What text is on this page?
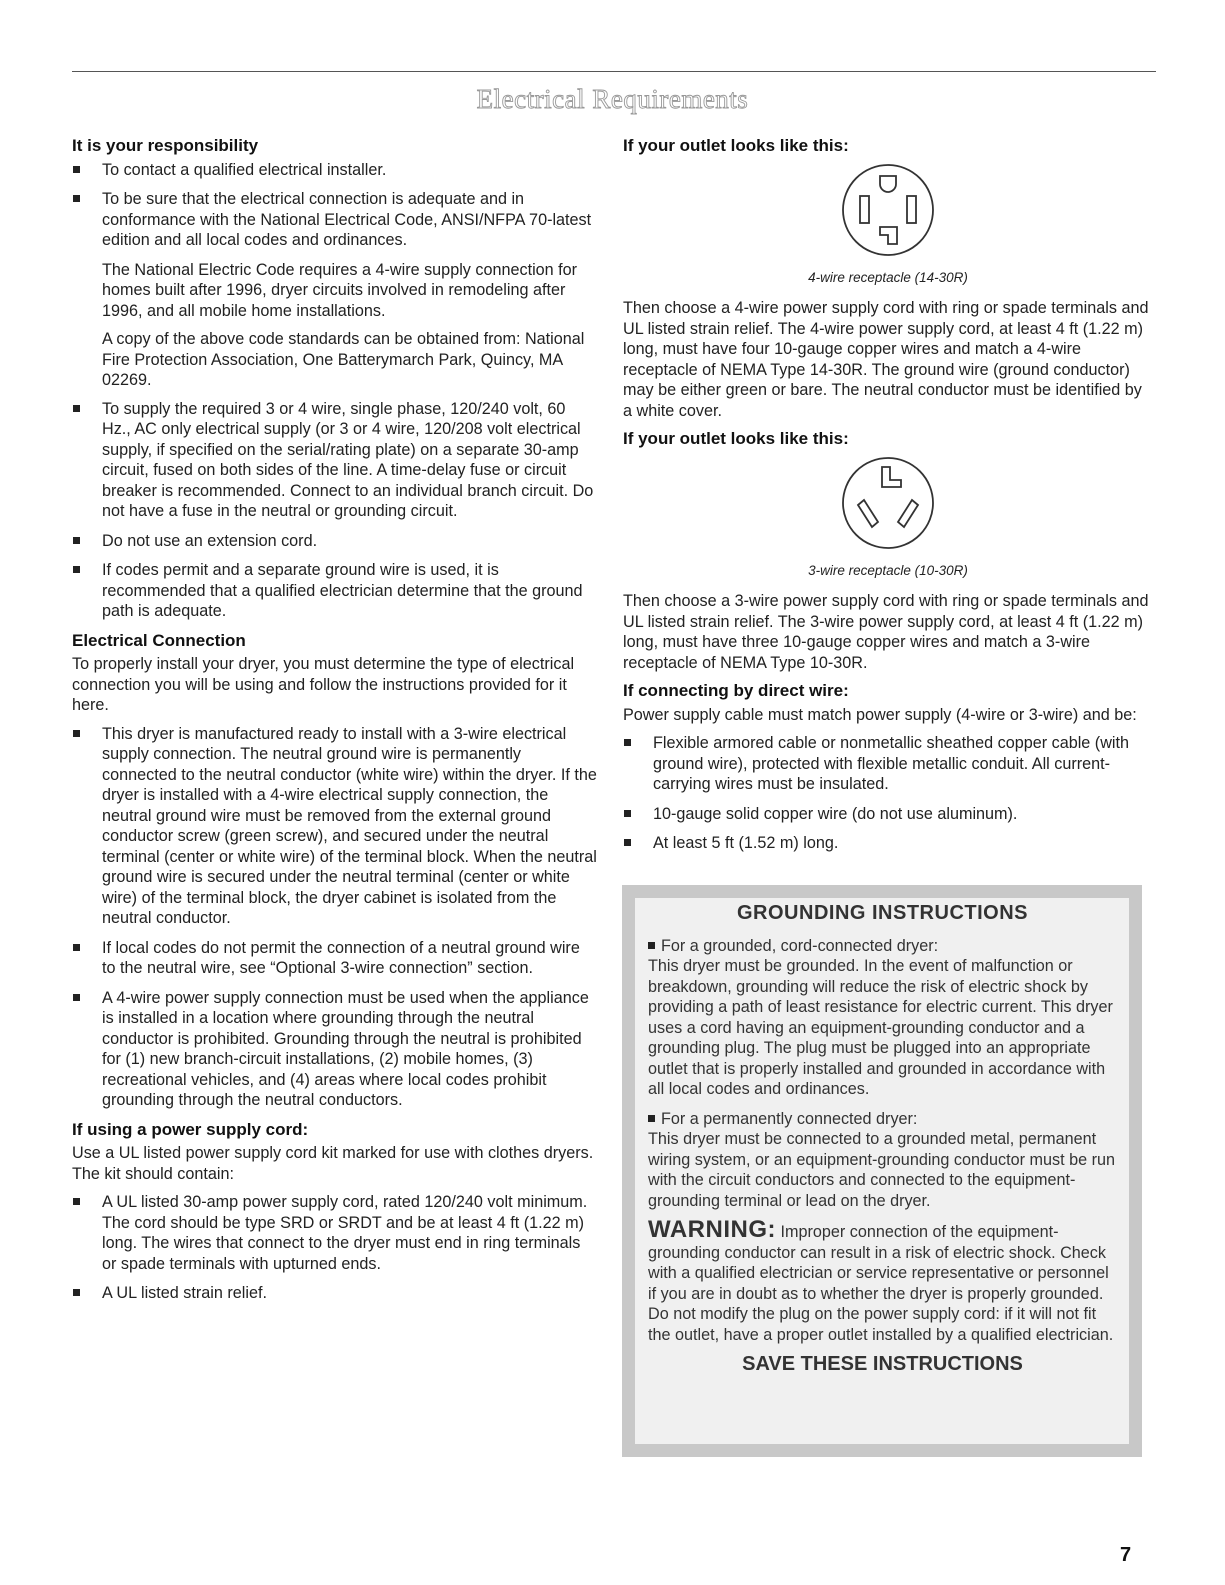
Electrical Requirements
It is your responsibility
To contact a qualified electrical installer.
To be sure that the electrical connection is adequate and in conformance with the National Electrical Code, ANSI/NFPA 70-latest edition and all local codes and ordinances.

The National Electric Code requires a 4-wire supply connection for homes built after 1996, dryer circuits involved in remodeling after 1996, and all mobile home installations.

A copy of the above code standards can be obtained from: National Fire Protection Association, One Batterymarch Park, Quincy, MA 02269.

To supply the required 3 or 4 wire, single phase, 120/240 volt, 60 Hz., AC only electrical supply (or 3 or 4 wire, 120/208 volt electrical supply, if specified on the serial/rating plate) on a separate 30-amp circuit, fused on both sides of the line. A time-delay fuse or circuit breaker is recommended. Connect to an individual branch circuit. Do not have a fuse in the neutral or grounding circuit.
Do not use an extension cord.
If codes permit and a separate ground wire is used, it is recommended that a qualified electrician determine that the ground path is adequate.
Electrical Connection

To properly install your dryer, you must determine the type of electrical connection you will be using and follow the instructions provided for it here.

This dryer is manufactured ready to install with a 3-wire electrical supply connection. The neutral ground wire is permanently connected to the neutral conductor (white wire) within the dryer. If the dryer is installed with a 4-wire electrical supply connection, the neutral ground wire must be removed from the external ground conductor screw (green screw), and secured under the neutral terminal (center or white wire) of the terminal block. When the neutral ground wire is secured under the neutral terminal (center or white wire) of the terminal block, the dryer cabinet is isolated from the neutral conductor.
If local codes do not permit the connection of a neutral ground wire to the neutral wire, see “Optional 3-wire connection” section.
A 4-wire power supply connection must be used when the appliance is installed in a location where grounding through the neutral conductor is prohibited. Grounding through the neutral is prohibited for (1) new branch-circuit installations, (2) mobile homes, (3) recreational vehicles, and (4) areas where local codes prohibit grounding through the neutral conductors.
If using a power supply cord:

Use a UL listed power supply cord kit marked for use with clothes dryers. The kit should contain:

A UL listed 30-amp power supply cord, rated 120/240 volt minimum. The cord should be type SRD or SRDT and be at least 4 ft (1.22 m) long. The wires that connect to the dryer must end in ring terminals or spade terminals with upturned ends.
A UL listed strain relief.
If your outlet looks like this:
4-wire receptacle (14-30R)

Then choose a 4-wire power supply cord with ring or spade terminals and UL listed strain relief. The 4-wire power supply cord, at least 4 ft (1.22 m) long, must have four 10-gauge copper wires and match a 4-wire receptacle of NEMA Type 14-30R. The ground wire (ground conductor) may be either green or bare. The neutral conductor must be identified by a white cover.

If your outlet looks like this:
3-wire receptacle (10-30R)

Then choose a 3-wire power supply cord with ring or spade terminals and UL listed strain relief. The 3-wire power supply cord, at least 4 ft (1.22 m) long, must have three 10-gauge copper wires and match a 3-wire receptacle of NEMA Type 10-30R.

If connecting by direct wire:

Power supply cable must match power supply (4-wire or 3-wire) and be:

Flexible armored cable or nonmetallic sheathed copper cable (with ground wire), protected with flexible metallic conduit. All current-carrying wires must be insulated.
10-gauge solid copper wire (do not use aluminum).
At least 5 ft (1.52 m) long.
GROUNDING INSTRUCTIONS
For a grounded, cord-connected dryer:
This dryer must be grounded. In the event of malfunction or breakdown, grounding will reduce the risk of electric shock by providing a path of least resistance for electric current. This dryer uses a cord having an equipment-grounding conductor and a grounding plug. The plug must be plugged into an appropriate outlet that is properly installed and grounded in accordance with all local codes and ordinances.
For a permanently connected dryer:
This dryer must be connected to a grounded metal, permanent wiring system, or an equipment-grounding conductor must be run with the circuit conductors and connected to the equipment-grounding terminal or lead on the dryer.
WARNING: Improper connection of the equipment-grounding conductor can result in a risk of electric shock. Check with a qualified electrician or service representative or personnel if you are in doubt as to whether the dryer is properly grounded. Do not modify the plug on the power supply cord: if it will not fit the outlet, have a proper outlet installed by a qualified electrician.
SAVE THESE INSTRUCTIONS
7
